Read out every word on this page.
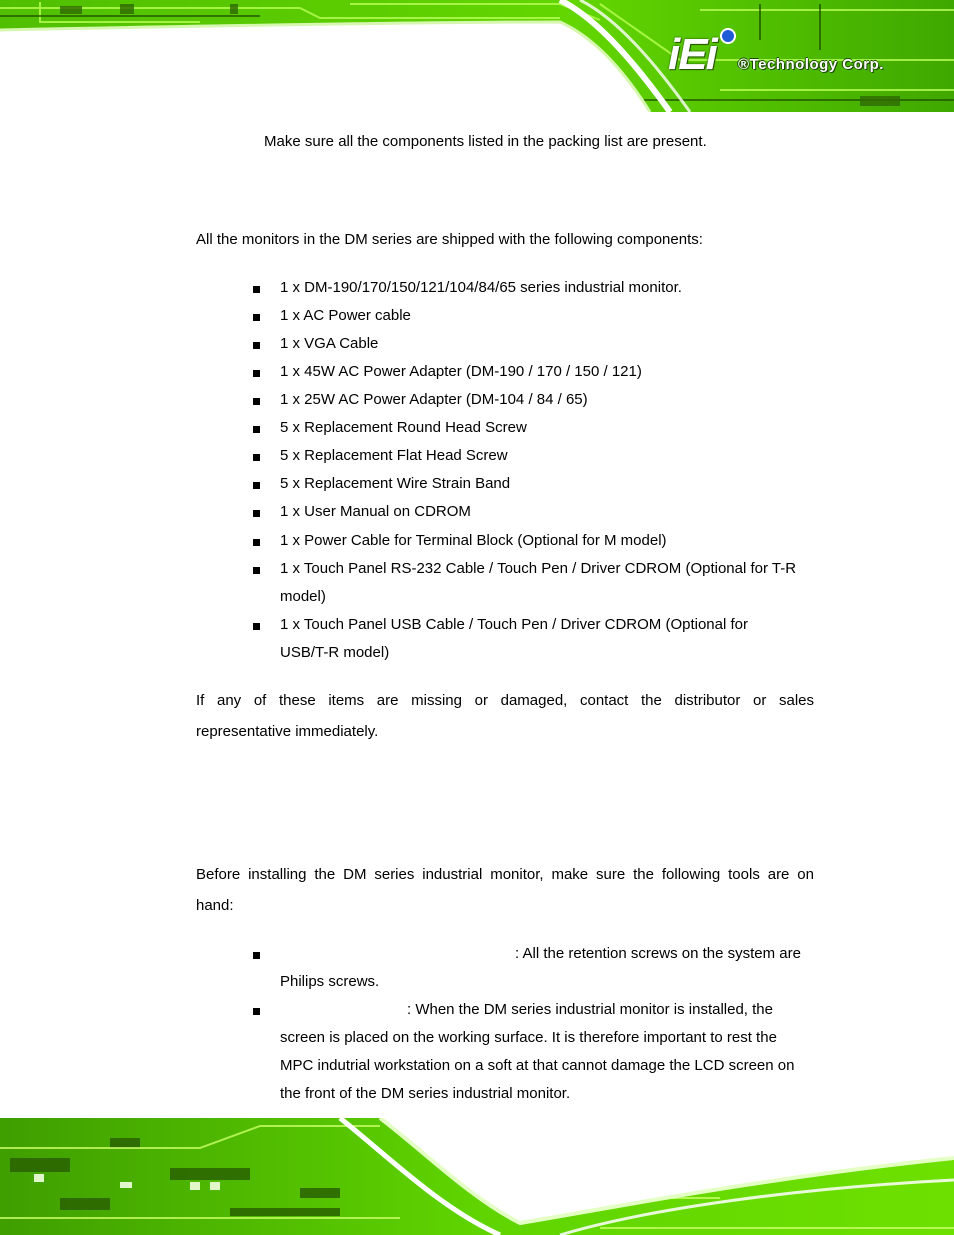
iEi ®Technology Corp.
Make sure all the components listed in the packing list are present.
All the monitors in the DM series are shipped with the following components:
1 x DM-190/170/150/121/104/84/65 series industrial monitor.
1 x AC Power cable
1 x VGA Cable
1 x 45W AC Power Adapter (DM-190 / 170 / 150 / 121)
1 x 25W AC Power Adapter (DM-104 / 84 / 65)
5 x Replacement Round Head Screw
5 x Replacement Flat Head Screw
5 x Replacement Wire Strain Band
1 x User Manual on CDROM
1 x Power Cable for Terminal Block (Optional for M model)
1 x Touch Panel RS-232 Cable / Touch Pen / Driver CDROM (Optional for T-R
model)
1 x Touch Panel USB Cable / Touch Pen / Driver CDROM (Optional for
USB/T-R model)
If any of these items are missing or damaged, contact the distributor or sales
representative immediately.
Before installing the DM series industrial monitor, make sure the following tools are on
hand:
: All the retention screws on the system are
Philips screws.
: When the DM series industrial monitor is installed, the
screen is placed on the working surface. It is therefore important to rest the
MPC indutrial workstation on a soft at that cannot damage the LCD screen on
the front of the DM series industrial monitor.
